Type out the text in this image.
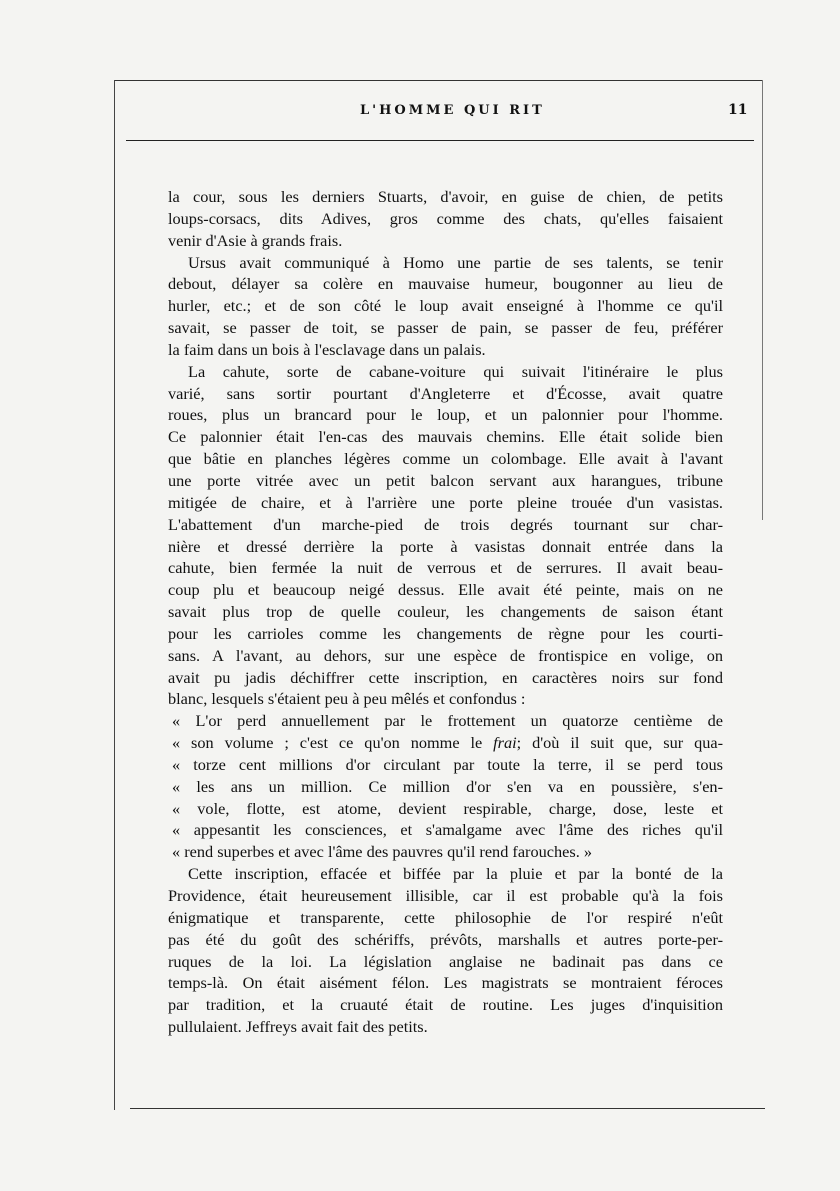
L'HOMME QUI RIT	11
la cour, sous les derniers Stuarts, d'avoir, en guise de chien, de petits
loups-corsacs, dits Adives, gros comme des chats, qu'elles faisaient
venir d'Asie à grands frais.
Ursus avait communiqué à Homo une partie de ses talents, se tenir
debout, délayer sa colère en mauvaise humeur, bougonner au lieu de
hurler, etc.; et de son côté le loup avait enseigné à l'homme ce qu'il
savait, se passer de toit, se passer de pain, se passer de feu, préférer
la faim dans un bois à l'esclavage dans un palais.
La cahute, sorte de cabane-voiture qui suivait l'itinéraire le plus
varié, sans sortir pourtant d'Angleterre et d'Écosse, avait quatre
roues, plus un brancard pour le loup, et un palonnier pour l'homme.
Ce palonnier était l'en-cas des mauvais chemins. Elle était solide bien
que bâtie en planches légères comme un colombage. Elle avait à l'avant
une porte vitrée avec un petit balcon servant aux harangues, tribune
mitigée de chaire, et à l'arrière une porte pleine trouée d'un vasistas.
L'abattement d'un marche-pied de trois degrés tournant sur char-
nière et dressé derrière la porte à vasistas donnait entrée dans la
cahute, bien fermée la nuit de verrous et de serrures. Il avait beau-
coup plu et beaucoup neigé dessus. Elle avait été peinte, mais on ne
savait plus trop de quelle couleur, les changements de saison étant
pour les carrioles comme les changements de règne pour les courti-
sans. A l'avant, au dehors, sur une espèce de frontispice en volige, on
avait pu jadis déchiffrer cette inscription, en caractères noirs sur fond
blanc, lesquels s'étaient peu à peu mêlés et confondus :
« L'or perd annuellement par le frottement un quatorze centième de
« son volume ; c'est ce qu'on nomme le frai; d'où il suit que, sur qua-
« torze cent millions d'or circulant par toute la terre, il se perd tous
« les ans un million. Ce million d'or s'en va en poussière, s'en-
« vole, flotte, est atome, devient respirable, charge, dose, leste et
« appesantit les consciences, et s'amalgame avec l'âme des riches qu'il
« rend superbes et avec l'âme des pauvres qu'il rend farouches. »
Cette inscription, effacée et biffée par la pluie et par la bonté de la
Providence, était heureusement illisible, car il est probable qu'à la fois
énigmatique et transparente, cette philosophie de l'or respiré n'eût
pas été du goût des schériffs, prévôts, marshalls et autres porte-per-
ruques de la loi. La législation anglaise ne badinait pas dans ce
temps-là. On était aisément félon. Les magistrats se montraient féroces
par tradition, et la cruauté était de routine. Les juges d'inquisition
pullulaient. Jeffreys avait fait des petits.
